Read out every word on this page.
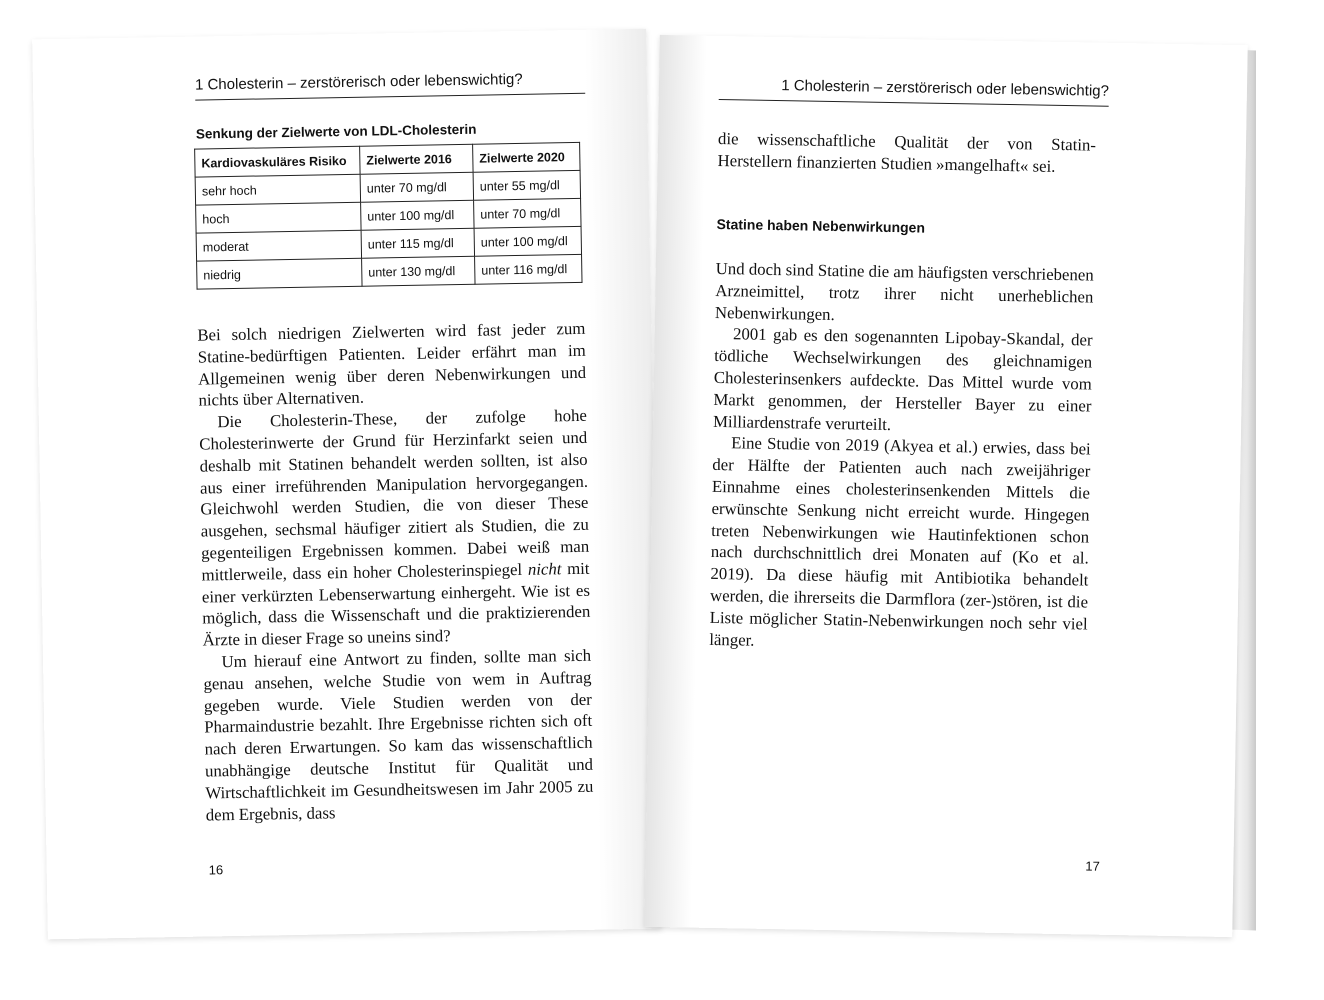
1 Cholesterin – zerstörerisch oder lebenswichtig?
Senkung der Zielwerte von LDL-Cholesterin
Kardiovaskuläres Risiko	Zielwerte 2016	Zielwerte 2020
sehr hoch	unter 70 mg/dl	unter 55 mg/dl
hoch	unter 100 mg/dl	unter 70 mg/dl
moderat	unter 115 mg/dl	unter 100 mg/dl
niedrig	unter 130 mg/dl	unter 116 mg/dl

Bei solch niedrigen Zielwerten wird fast jeder zum Statine-bedürftigen Patienten. Leider erfährt man im Allgemeinen wenig über deren Nebenwirkungen und nichts über Alternativen.

Die Cholesterin-These, der zufolge hohe Cholesterinwerte der Grund für Herzinfarkt seien und deshalb mit Statinen behandelt werden sollten, ist also aus einer irreführenden Manipulation hervorgegangen. Gleichwohl werden Studien, die von dieser These ausgehen, sechsmal häufiger zitiert als Studien, die zu gegenteiligen Ergebnissen kommen. Dabei weiß man mittlerweile, dass ein hoher Cholesterinspiegel nicht mit einer verkürzten Lebenserwartung einhergeht. Wie ist es möglich, dass die Wissenschaft und die praktizierenden Ärzte in dieser Frage so uneins sind?

Um hierauf eine Antwort zu finden, sollte man sich genau ansehen, welche Studie von wem in Auftrag gegeben wurde. Viele Studien werden von der Pharmaindustrie bezahlt. Ihre Ergebnisse richten sich oft nach deren Erwartungen. So kam das wissenschaftlich unabhängige deutsche Institut für Qualität und Wirtschaftlichkeit im Gesundheitswesen im Jahr 2005 zu dem Ergebnis, dass

16
1 Cholesterin – zerstörerisch oder lebenswichtig?

die wissenschaftliche Qualität der von Statin-Herstellern finanzierten Studien »mangelhaft« sei.

Statine haben Nebenwirkungen

Und doch sind Statine die am häufigsten verschriebenen Arzneimittel, trotz ihrer nicht unerheblichen Nebenwirkungen.

2001 gab es den sogenannten Lipobay-Skandal, der tödliche Wechselwirkungen des gleichnamigen Cholesterinsenkers aufdeckte. Das Mittel wurde vom Markt genommen, der Hersteller Bayer zu einer Milliardenstrafe verurteilt.

Eine Studie von 2019 (Akyea et al.) erwies, dass bei der Hälfte der Patienten auch nach zweijähriger Einnahme eines cholesterinsenkenden Mittels die erwünschte Senkung nicht erreicht wurde. Hingegen treten Nebenwirkungen wie Hautinfektionen schon nach durchschnittlich drei Monaten auf (Ko et al. 2019). Da diese häufig mit Antibiotika behandelt werden, die ihrerseits die Darmflora (zer-)stören, ist die Liste möglicher Statin-Nebenwirkungen noch sehr viel länger.

17
